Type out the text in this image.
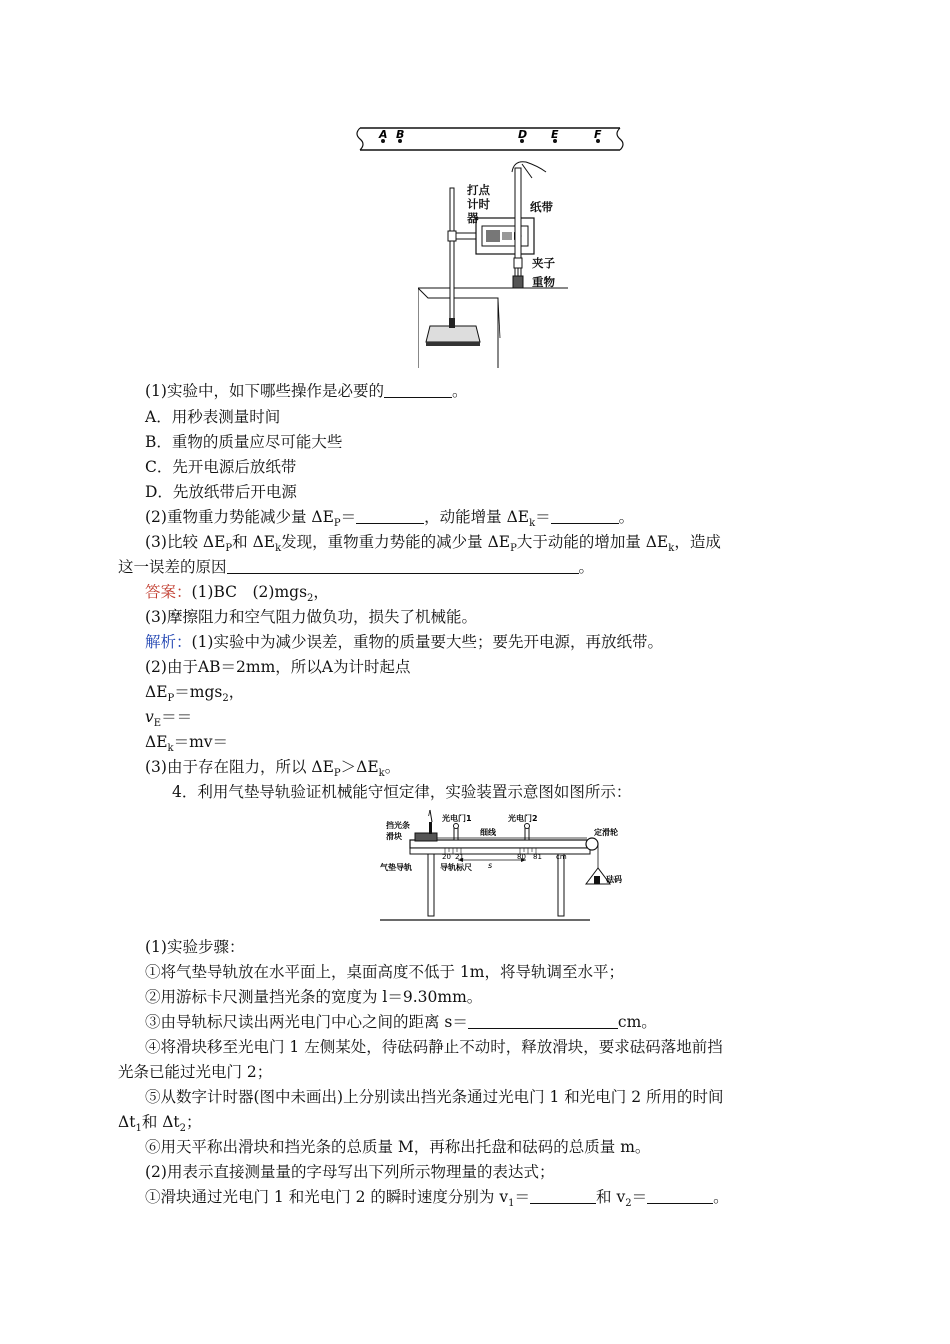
A B	D E	F
打点计时器
纸带
夹子
重物
(1)实验中，如下哪些操作是必要的	。
A．用秒表测量时间
B．重物的质量应尽可能大些
C．先开电源后放纸带
D．先放纸带后开电源
(2)重物重力势能减少量 $\Delta E_P=$	，动能增量 $\Delta E_k=$	。
(3)比较 $\Delta E_P$和 $\Delta E_k$发现，重物重力势能的减少量 $\Delta E_P$大于动能的增加量 $\Delta E_k$，造成
这一误差的原因	。
答案：(1)BC　(2)mgs$_2$，
(3)摩擦阻力和空气阻力做负功，损失了机械能。
解析：(1)实验中为减少误差，重物的质量要大些；要先开电源，再放纸带。
(2)由于AB＝2mm，所以A为计时起点
$\Delta E_P=mgs_2$，
$v_E==$
$\Delta E_k=mv=$
(3)由于存在阻力，所以 $\Delta E_P>\Delta E_k$。
4．利用气垫导轨验证机械能守恒定律，实验装置示意图如图所示：
20 21	80 81 cm
s
l
光电门1	光电门2
挡光条
滑块	细线	定滑轮
气垫导轨	导轨标尺
砝码
(1)实验步骤：
①将气垫导轨放在水平面上，桌面高度不低于 1m，将导轨调至水平；
②用游标卡尺测量挡光条的宽度为 l＝9.30mm。
③由导轨标尺读出两光电门中心之间的距离 s＝	cm。
④将滑块移至光电门 1 左侧某处，待砝码静止不动时，释放滑块，要求砝码落地前挡
光条已能过光电门 2；
⑤从数字计时器(图中未画出)上分别读出挡光条通过光电门 1 和光电门 2 所用的时间
$\Delta t_1$和 $\Delta t_2$；
⑥用天平称出滑块和挡光条的总质量 M，再称出托盘和砝码的总质量 m。
(2)用表示直接测量量的字母写出下列所示物理量的表达式；
①滑块通过光电门 1 和光电门 2 的瞬时速度分别为 $v_1=$	和 $v_2=$	。
